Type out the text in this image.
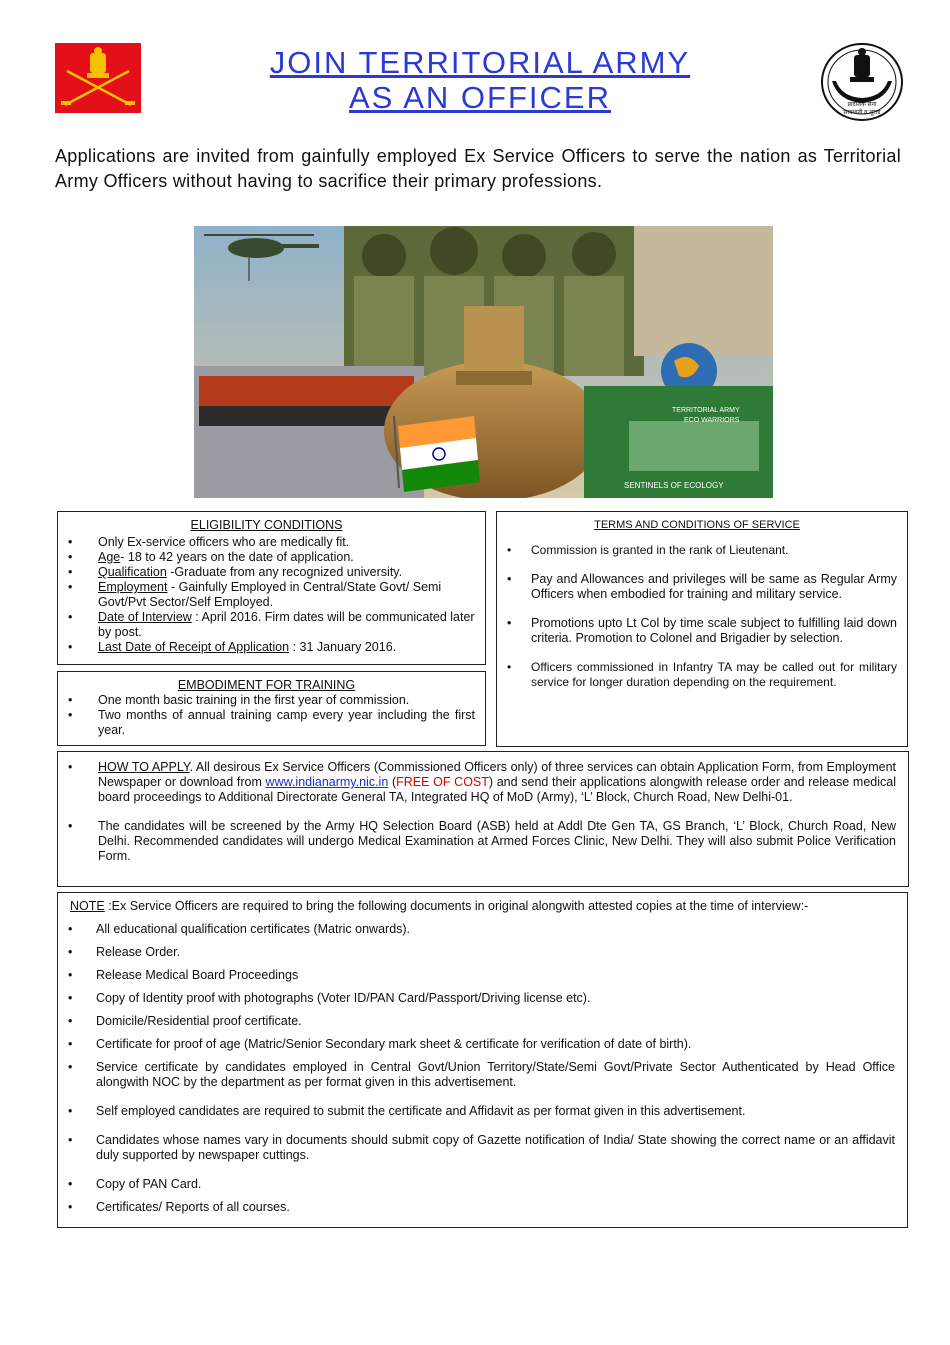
JOIN TERRITORIAL ARMY
AS AN OFFICER	प्रादेशिक सेना
सावधानी व शूरता
Applications are invited from gainfully employed Ex Service Officers to serve the nation as Territorial Army Officers without having to sacrifice their primary professions.
TERRITORIAL ARMY
ECO WARRIORS
SENTINELS OF ECOLOGY
ELIGIBILITY CONDITIONS
• Only Ex-service officers who are medically fit.
• Age- 18 to 42 years on the date of application.
• Qualification -Graduate from any recognized university.
• Employment - Gainfully Employed in Central/State Govt/ Semi Govt/Pvt Sector/Self Employed.
• Date of Interview : April 2016. Firm dates will be communicated later by post.
• Last Date of Receipt of Application : 31 January 2016.
EMBODIMENT FOR TRAINING
• One month basic training in the first year of commission.
• Two months of annual training camp every year including the first year.
TERMS AND CONDITIONS OF SERVICE
• Commission is granted in the rank of Lieutenant.
• Pay and Allowances and privileges will be same as Regular Army Officers when embodied for training and military service.
• Promotions upto Lt Col by time scale subject to fulfilling laid down criteria. Promotion to Colonel and Brigadier by selection.
• Officers commissioned in Infantry TA may be called out for military service for longer duration depending on the requirement.
• HOW TO APPLY. All desirous Ex Service Officers (Commissioned Officers only) of three services can obtain Application Form, from Employment Newspaper or download from www.indianarmy.nic.in (FREE OF COST) and send their applications alongwith release order and release medical board proceedings to Additional Directorate General TA, Integrated HQ of MoD (Army), ‘L’ Block, Church Road, New Delhi-01.
• The candidates will be screened by the Army HQ Selection Board (ASB) held at Addl Dte Gen TA, GS Branch, ‘L’ Block, Church Road, New Delhi. Recommended candidates will undergo Medical Examination at Armed Forces Clinic, New Delhi. They will also submit Police Verification Form.
NOTE :Ex Service Officers are required to bring the following documents in original alongwith attested copies at the time of interview:-
• All educational qualification certificates (Matric onwards).
• Release Order.
• Release Medical Board Proceedings
• Copy of Identity proof with photographs (Voter ID/PAN Card/Passport/Driving license etc).
• Domicile/Residential proof certificate.
• Certificate for proof of age (Matric/Senior Secondary mark sheet & certificate for verification of date of birth).
• Service certificate by candidates employed in Central Govt/Union Territory/State/Semi Govt/Private Sector Authenticated by Head Office alongwith NOC by the department as per format given in this advertisement.
• Self employed candidates are required to submit the certificate and Affidavit as per format given in this advertisement.
• Candidates whose names vary in documents should submit copy of Gazette notification of India/ State showing the correct name or an affidavit duly supported by newspaper cuttings.
• Copy of PAN Card.
• Certificates/ Reports of all courses.
